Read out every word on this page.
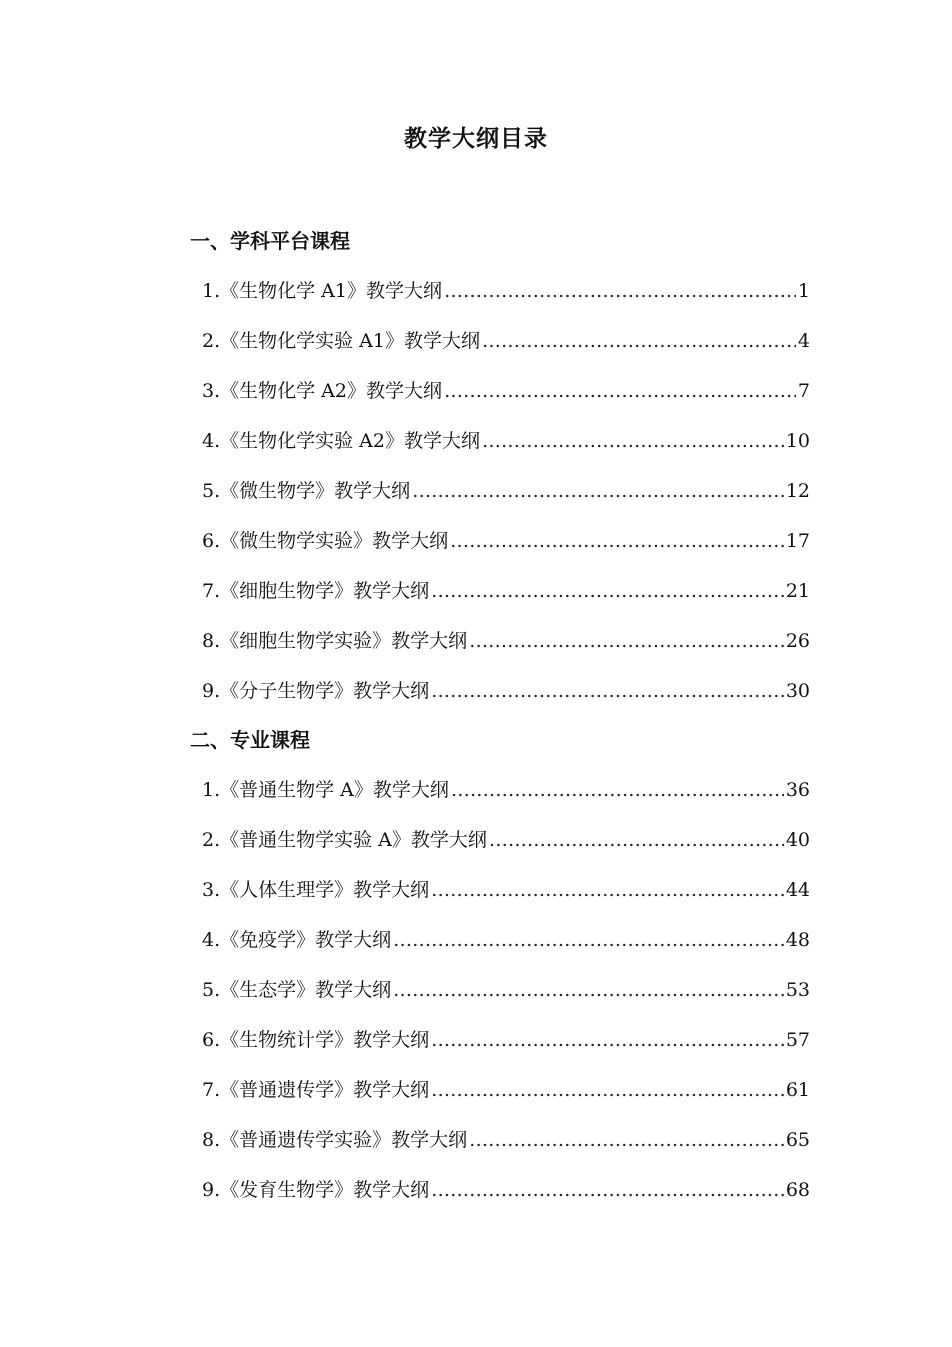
教学大纲目录
一、学科平台课程
1. 《生物化学 A1》教学大纲 ………………………………………………………………………………………………	1
2. 《生物化学实验 A1》教学大纲 ………………………………………………………………………………………………	4
3. 《生物化学 A2》教学大纲 ………………………………………………………………………………………………	7
4. 《生物化学实验 A2》教学大纲 ………………………………………………………………………………………………	10
5. 《微生物学》教学大纲 ………………………………………………………………………………………………	12
6. 《微生物学实验》教学大纲 ………………………………………………………………………………………………	17
7. 《细胞生物学》教学大纲 ………………………………………………………………………………………………	21
8. 《细胞生物学实验》教学大纲 ………………………………………………………………………………………………	26
9. 《分子生物学》教学大纲 ………………………………………………………………………………………………	30
二、专业课程
1. 《普通生物学 A》教学大纲 ………………………………………………………………………………………………	36
2. 《普通生物学实验 A》教学大纲 ………………………………………………………………………………………………	40
3. 《人体生理学》教学大纲 ………………………………………………………………………………………………	44
4. 《免疫学》教学大纲 ………………………………………………………………………………………………	48
5. 《生态学》教学大纲 ………………………………………………………………………………………………	53
6. 《生物统计学》教学大纲 ………………………………………………………………………………………………	57
7. 《普通遗传学》教学大纲 ………………………………………………………………………………………………	61
8. 《普通遗传学实验》教学大纲 ………………………………………………………………………………………………	65
9. 《发育生物学》教学大纲 ………………………………………………………………………………………………	68
